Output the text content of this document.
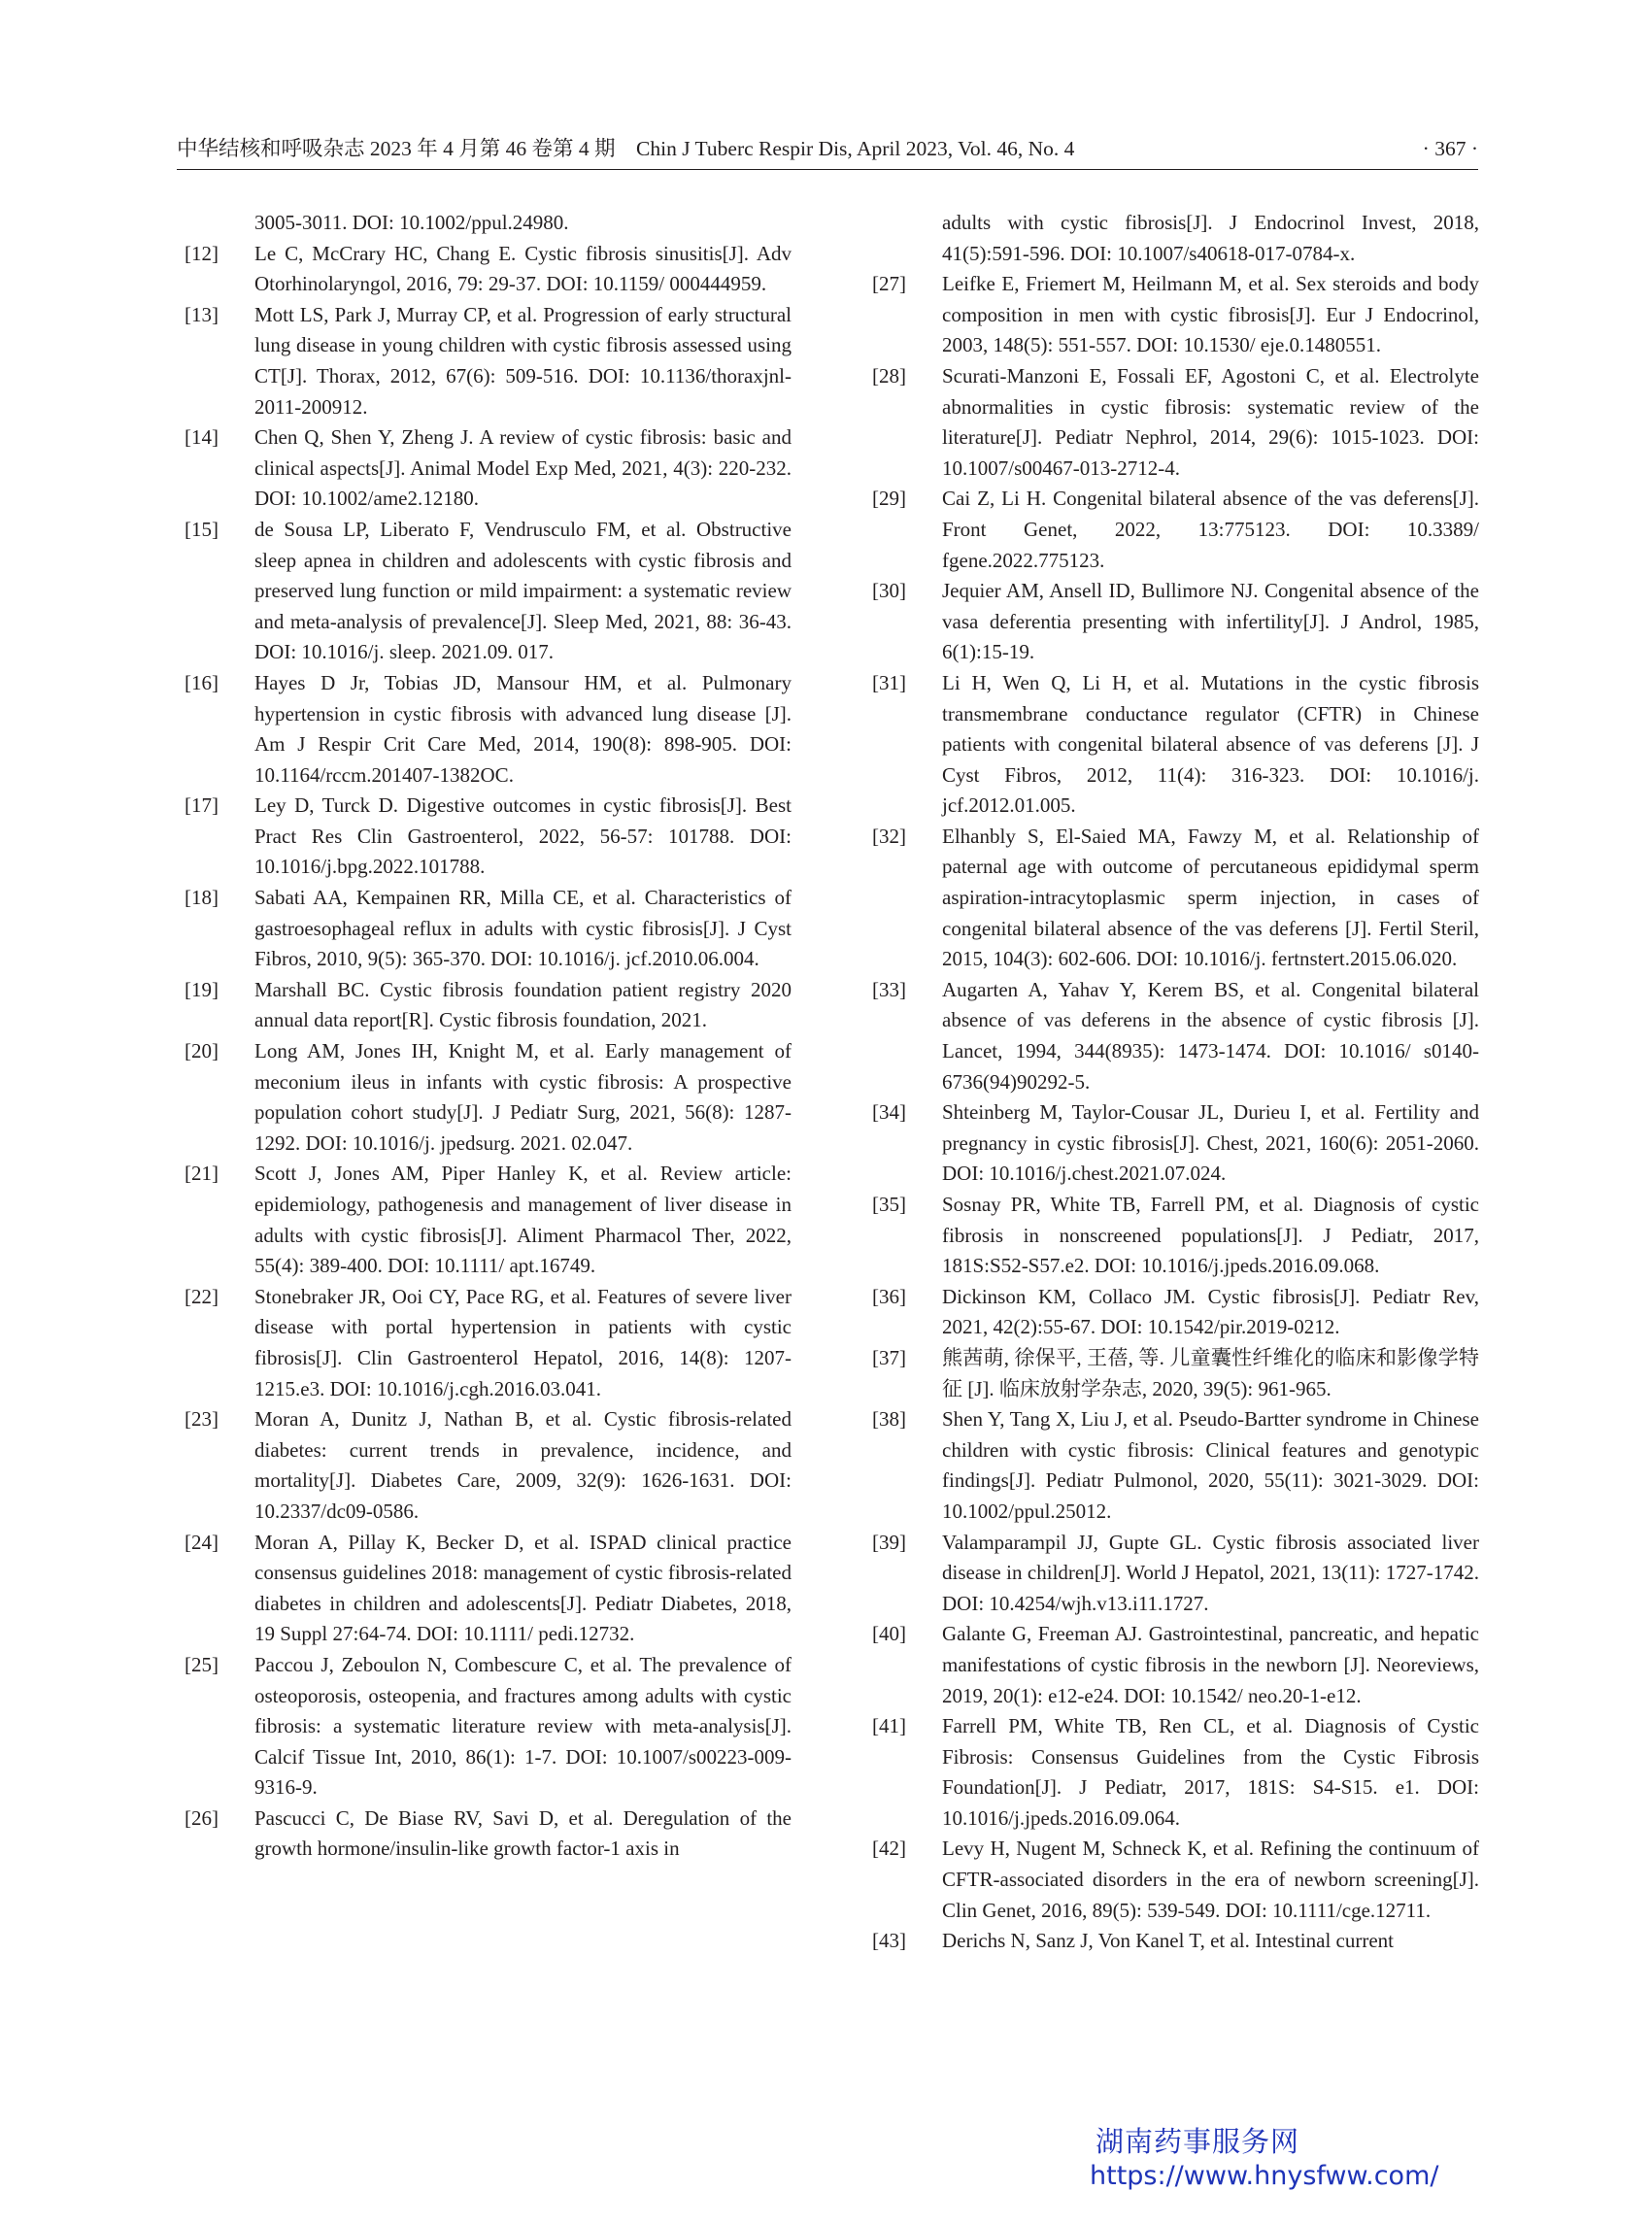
中华结核和呼吸杂志 2023 年 4 月第 46 卷第 4 期　Chin J Tuberc Respir Dis, April 2023, Vol. 46, No. 4	· 367 ·
3005-3011. DOI: 10.1002/ppul.24980.
[12]	Le C, McCrary HC, Chang E. Cystic fibrosis sinusitis[J]. Adv Otorhinolaryngol, 2016, 79: 29-37. DOI: 10.1159/ 000444959.
[13]	Mott LS, Park J, Murray CP, et al. Progression of early structural lung disease in young children with cystic fibrosis assessed using CT[J]. Thorax, 2012, 67(6): 509-516. DOI: 10.1136/thoraxjnl-2011-200912.
[14]	Chen Q, Shen Y, Zheng J. A review of cystic fibrosis: basic and clinical aspects[J]. Animal Model Exp Med, 2021, 4(3): 220-232. DOI: 10.1002/ame2.12180.
[15]	de Sousa LP, Liberato F, Vendrusculo FM, et al. Obstructive sleep apnea in children and adolescents with cystic fibrosis and preserved lung function or mild impairment: a systematic review and meta-analysis of prevalence[J]. Sleep Med, 2021, 88: 36-43. DOI: 10.1016/j. sleep. 2021.09. 017.
[16]	Hayes D Jr, Tobias JD, Mansour HM, et al. Pulmonary hypertension in cystic fibrosis with advanced lung disease [J]. Am J Respir Crit Care Med, 2014, 190(8): 898-905. DOI: 10.1164/rccm.201407-1382OC.
[17]	Ley D, Turck D. Digestive outcomes in cystic fibrosis[J]. Best Pract Res Clin Gastroenterol, 2022, 56-57: 101788. DOI: 10.1016/j.bpg.2022.101788.
[18]	Sabati AA, Kempainen RR, Milla CE, et al. Characteristics of gastroesophageal reflux in adults with cystic fibrosis[J]. J Cyst Fibros, 2010, 9(5): 365-370. DOI: 10.1016/j. jcf.2010.06.004.
[19]	Marshall BC. Cystic fibrosis foundation patient registry 2020 annual data report[R]. Cystic fibrosis foundation, 2021.
[20]	Long AM, Jones IH, Knight M, et al. Early management of meconium ileus in infants with cystic fibrosis: A prospective population cohort study[J]. J Pediatr Surg, 2021, 56(8): 1287-1292. DOI: 10.1016/j. jpedsurg. 2021. 02.047.
[21]	Scott J, Jones AM, Piper Hanley K, et al. Review article: epidemiology, pathogenesis and management of liver disease in adults with cystic fibrosis[J]. Aliment Pharmacol Ther, 2022, 55(4): 389-400. DOI: 10.1111/ apt.16749.
[22]	Stonebraker JR, Ooi CY, Pace RG, et al. Features of severe liver disease with portal hypertension in patients with cystic fibrosis[J]. Clin Gastroenterol Hepatol, 2016, 14(8): 1207-1215.e3. DOI: 10.1016/j.cgh.2016.03.041.
[23]	Moran A, Dunitz J, Nathan B, et al. Cystic fibrosis-related diabetes: current trends in prevalence, incidence, and mortality[J]. Diabetes Care, 2009, 32(9): 1626-1631. DOI: 10.2337/dc09-0586.
[24]	Moran A, Pillay K, Becker D, et al. ISPAD clinical practice consensus guidelines 2018: management of cystic fibrosis-related diabetes in children and adolescents[J]. Pediatr Diabetes, 2018, 19 Suppl 27:64-74. DOI: 10.1111/ pedi.12732.
[25]	Paccou J, Zeboulon N, Combescure C, et al. The prevalence of osteoporosis, osteopenia, and fractures among adults with cystic fibrosis: a systematic literature review with meta-analysis[J]. Calcif Tissue Int, 2010, 86(1): 1-7. DOI: 10.1007/s00223-009-9316-9.
[26]	Pascucci C, De Biase RV, Savi D, et al. Deregulation of the growth hormone/insulin-like growth factor-1 axis in
adults with cystic fibrosis[J]. J Endocrinol Invest, 2018, 41(5):591-596. DOI: 10.1007/s40618-017-0784-x.
[27]	Leifke E, Friemert M, Heilmann M, et al. Sex steroids and body composition in men with cystic fibrosis[J]. Eur J Endocrinol, 2003, 148(5): 551-557. DOI: 10.1530/ eje.0.1480551.
[28]	Scurati-Manzoni E, Fossali EF, Agostoni C, et al. Electrolyte abnormalities in cystic fibrosis: systematic review of the literature[J]. Pediatr Nephrol, 2014, 29(6): 1015-1023. DOI: 10.1007/s00467-013-2712-4.
[29]	Cai Z, Li H. Congenital bilateral absence of the vas deferens[J]. Front Genet, 2022, 13:775123. DOI: 10.3389/ fgene.2022.775123.
[30]	Jequier AM, Ansell ID, Bullimore NJ. Congenital absence of the vasa deferentia presenting with infertility[J]. J Androl, 1985, 6(1):15-19.
[31]	Li H, Wen Q, Li H, et al. Mutations in the cystic fibrosis transmembrane conductance regulator (CFTR) in Chinese patients with congenital bilateral absence of vas deferens [J]. J Cyst Fibros, 2012, 11(4): 316-323. DOI: 10.1016/j. jcf.2012.01.005.
[32]	Elhanbly S, El-Saied MA, Fawzy M, et al. Relationship of paternal age with outcome of percutaneous epididymal sperm aspiration-intracytoplasmic sperm injection, in cases of congenital bilateral absence of the vas deferens [J]. Fertil Steril, 2015, 104(3): 602-606. DOI: 10.1016/j. fertnstert.2015.06.020.
[33]	Augarten A, Yahav Y, Kerem BS, et al. Congenital bilateral absence of vas deferens in the absence of cystic fibrosis [J]. Lancet, 1994, 344(8935): 1473-1474. DOI: 10.1016/ s0140-6736(94)90292-5.
[34]	Shteinberg M, Taylor-Cousar JL, Durieu I, et al. Fertility and pregnancy in cystic fibrosis[J]. Chest, 2021, 160(6): 2051-2060. DOI: 10.1016/j.chest.2021.07.024.
[35]	Sosnay PR, White TB, Farrell PM, et al. Diagnosis of cystic fibrosis in nonscreened populations[J]. J Pediatr, 2017, 181S:S52-S57.e2. DOI: 10.1016/j.jpeds.2016.09.068.
[36]	Dickinson KM, Collaco JM. Cystic fibrosis[J]. Pediatr Rev, 2021, 42(2):55-67. DOI: 10.1542/pir.2019-0212.
[37]	熊茜萌, 徐保平, 王蓓, 等. 儿童囊性纤维化的临床和影像学特征 [J]. 临床放射学杂志, 2020, 39(5): 961-965.
[38]	Shen Y, Tang X, Liu J, et al. Pseudo-Bartter syndrome in Chinese children with cystic fibrosis: Clinical features and genotypic findings[J]. Pediatr Pulmonol, 2020, 55(11): 3021-3029. DOI: 10.1002/ppul.25012.
[39]	Valamparampil JJ, Gupte GL. Cystic fibrosis associated liver disease in children[J]. World J Hepatol, 2021, 13(11): 1727-1742. DOI: 10.4254/wjh.v13.i11.1727.
[40]	Galante G, Freeman AJ. Gastrointestinal, pancreatic, and hepatic manifestations of cystic fibrosis in the newborn [J]. Neoreviews, 2019, 20(1): e12-e24. DOI: 10.1542/ neo.20-1-e12.
[41]	Farrell PM, White TB, Ren CL, et al. Diagnosis of Cystic Fibrosis: Consensus Guidelines from the Cystic Fibrosis Foundation[J]. J Pediatr, 2017, 181S: S4-S15. e1. DOI: 10.1016/j.jpeds.2016.09.064.
[42]	Levy H, Nugent M, Schneck K, et al. Refining the continuum of CFTR-associated disorders in the era of newborn screening[J]. Clin Genet, 2016, 89(5): 539-549. DOI: 10.1111/cge.12711.
[43]	Derichs N, Sanz J, Von Kanel T, et al. Intestinal current
湖南药事服务网
https://www.hnysfww.com/
